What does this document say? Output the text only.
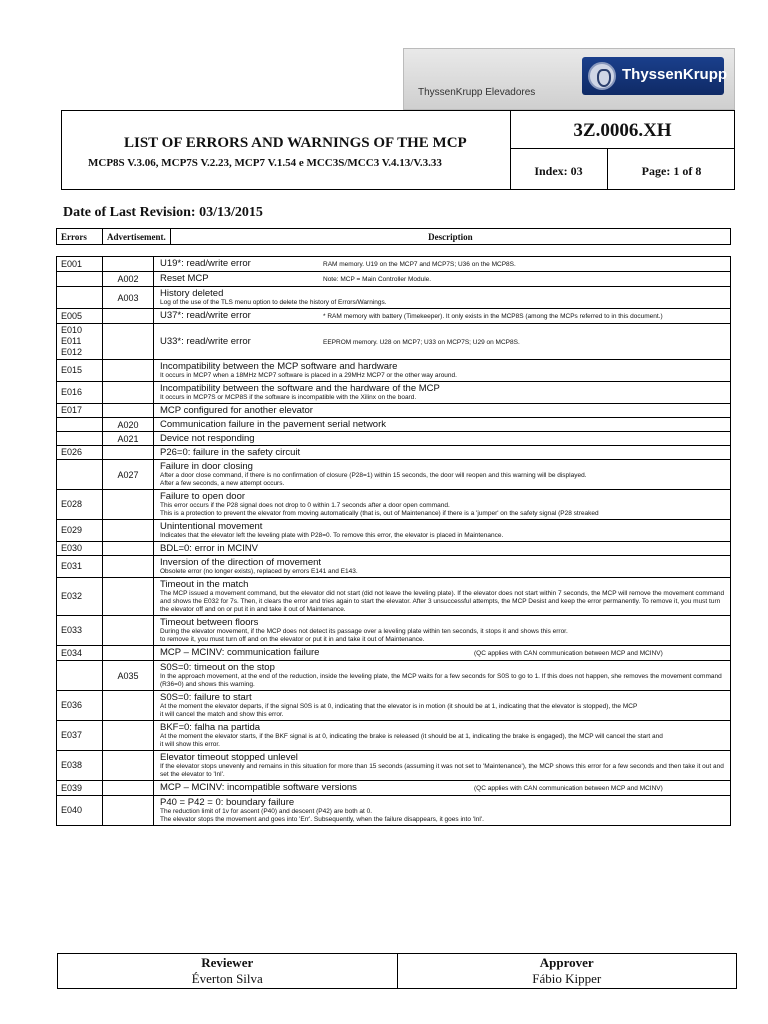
ThyssenKrupp Elevadores
ThyssenKrupp
LIST OF ERRORS AND WARNINGS OF THE MCP
MCP8S V.3.06, MCP7S V.2.23, MCP7 V.1.54 e MCC3S/MCC3 V.4.13/V.3.33
3Z.0006.XH
Index: 03	Page: 1 of 8
Date of Last Revision: 03/13/2015
Errors	Advertisement.	Description
E001		U19*: read/write error RAM memory. U19 on the MCP7 and MCP7S; U36 on the MCP8S.

	A002	Reset MCP Note: MCP = Main Controller Module.

	A003	History deleted
Log of the use of the TLS menu option to delete the history of Errors/Warnings.

E005		U37*: read/write error * RAM memory with battery (Timekeeper). It only exists in the MCP8S (among the MCPs referred to in this document.)

E010
E011
E012		U33*: read/write error EEPROM memory. U28 on MCP7; U33 on MCP7S; U29 on MCP8S.

E015		Incompatibility between the MCP software and hardware
It occurs in MCP7 when a 18MHz MCP7 software is placed in a 29MHz MCP7 or the other way around.

E016		Incompatibility between the software and the hardware of the MCP
It occurs in MCP7S or MCP8S if the software is incompatible with the Xilinx on the board.

E017		MCP configured for another elevator

	A020	Communication failure in the pavement serial network

	A021	Device not responding

E026		P26=0: failure in the safety circuit

	A027	Failure in door closing
After a door close command, if there is no confirmation of closure (P28=1) within 15 seconds, the door will reopen and this warning will be displayed.
After a few seconds, a new attempt occurs.

E028		Failure to open door
This error occurs if the P28 signal does not drop to 0 within 1.7 seconds after a door open command.
This is a protection to prevent the elevator from moving automatically (that is, out of Maintenance) if there is a 'jumper' on the safety signal (P28 streaked

E029		Unintentional movement
Indicates that the elevator left the leveling plate with P28=0. To remove this error, the elevator is placed in Maintenance.

E030		BDL=0: error in MCINV

E031		Inversion of the direction of movement
Obsolete error (no longer exists), replaced by errors E141 and E143.

E032		Timeout in the match
The MCP issued a movement command, but the elevator did not start (did not leave the leveling plate). If the elevator does not start within 7 seconds, the MCP will remove the movement command and shows the E032 for 7s. Then, it clears the error and tries again to start the elevator. After 3 unsuccessful attempts, the MCP Desist and keep the error permanently. To remove it, you must turn the elevator off and on or put it in and take it out of Maintenance.

E033		Timeout between floors
During the elevator movement, if the MCP does not detect its passage over a leveling plate within ten seconds, it stops it and shows this error.
to remove it, you must turn off and on the elevator or put it in and take it out of Maintenance.

E034		MCP – MCINV: communication failure (QC applies with CAN communication between MCP and MCINV)

	A035	S0S=0: timeout on the stop
In the approach movement, at the end of the reduction, inside the leveling plate, the MCP waits for a few seconds for S0S to go to 1. If this does not happen, she removes the movement command (R36=0) and shows this warning.

E036		S0S=0: failure to start
At the moment the elevator departs, if the signal S0S is at 0, indicating that the elevator is in motion (it should be at 1, indicating that the elevator is stopped), the MCP
it will cancel the match and show this error.

E037		BKF=0: falha na partida
At the moment the elevator starts, if the BKF signal is at 0, indicating the brake is released (it should be at 1, indicating the brake is engaged), the MCP will cancel the start and
it will show this error.

E038		Elevator timeout stopped unlevel
If the elevator stops unevenly and remains in this situation for more than 15 seconds (assuming it was not set to 'Maintenance'), the MCP shows this error for a few seconds and then take it out and set the elevator to 'Inl'.

E039		MCP – MCINV: incompatible software versions (QC applies with CAN communication between MCP and MCINV)

E040		P40 = P42 = 0: boundary failure
The reduction limit of 1v for ascent (P40) and descent (P42) are both at 0.
The elevator stops the movement and goes into 'Err'. Subsequently, when the failure disappears, it goes into 'Inl'.
Reviewer
Éverton Silva

Approver
Fábio Kipper
